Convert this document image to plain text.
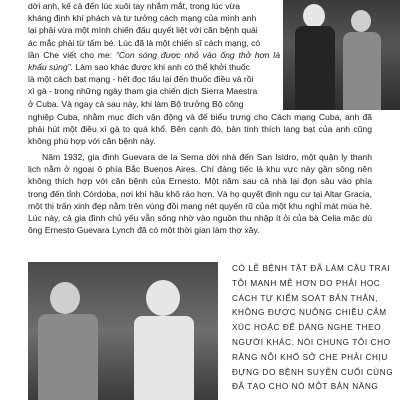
dời anh, kế cả đến lúc xuôi tay nhắm mắt, trong lúc vừa
kháng định khí phách và tư tưởng cách mạng của mình anh
lại phải vừa một mình chiến đấu quyết liệt với căn bệnh quái
ác mắc phải từ tấm bé. Lúc đã là một chiến sĩ cách mạng, có
lần Che viết cho me: “Con sóng được nhỏ vào ống thở hơn là khẩu súng”. Làm sao khác được khi anh có thể khởi thuốc
là một cách bạt mạng - hết đọc tấu lại đến thuốc điều và rồi
xì gà - trong những ngày tham gia chiến dịch Sierra Maestra
ở Cuba. Và ngay cả sau này, khi làm Bộ trưởng Bộ công

nghiệp Cuba, nhằm mục đích vận động và để biểu trưng cho Cách mạng Cuba, anh đã phải hút một điều xì gà to quá khổ. Bên cạnh đó, bản tính thích lang bạt của anh cũng không phù hợp với căn bệnh này.

Năm 1932, gia đình Guevara de la Serna dời nhà đến San Isidro, một quận ly thanh lịch nằm ở ngoại ô phía Bắc Buenos Aires. Chí đáng tiếc là khu vực này gần sông nên không thích hợp với căn bệnh của Ernesto. Một năm sau cả nhà lại đọn sâu vào phía trong đến tỉnh Córdoba, nơi khí hậu khô ráo hơn. Và họ quyết định ngụ cư tại Altar Gracia, một thị trấn xinh đẹp nằm trên vùng đồi mang nét quyến rũ của một khu nghỉ mát mùa hè. Lúc này, cả gia đình chủ yếu vẫn sống nhờ vào nguồn thu nhập ít ỏi của bà Celia mặc dù ông Ernesto Guevara Lynch đã có một thời gian làm thợ xây.

CÓ LẼ BỆNH TẬT ĐÃ LÀM CẬU TRAI
TÔI MẠNH MẼ HƠN DO PHẢI HỌC
CÁCH TỰ KIỂM SOÁT BẢN THÂN,
KHÔNG ĐƯỢC NUÔNG CHIỀU CẢM
XÚC HOẶC ĐỂ DÀNG NGHE THEO
NGƯỜI KHÁC. NÓI CHUNG TÔI CHO
RẰNG NỖI KHỔ SỞ CHE PHẢI CHỊU
ĐỰNG DO BỆNH SUYỄN CUỐI CÙNG
ĐÃ TẠO CHO NÓ MỘT BẢN NĂNG
